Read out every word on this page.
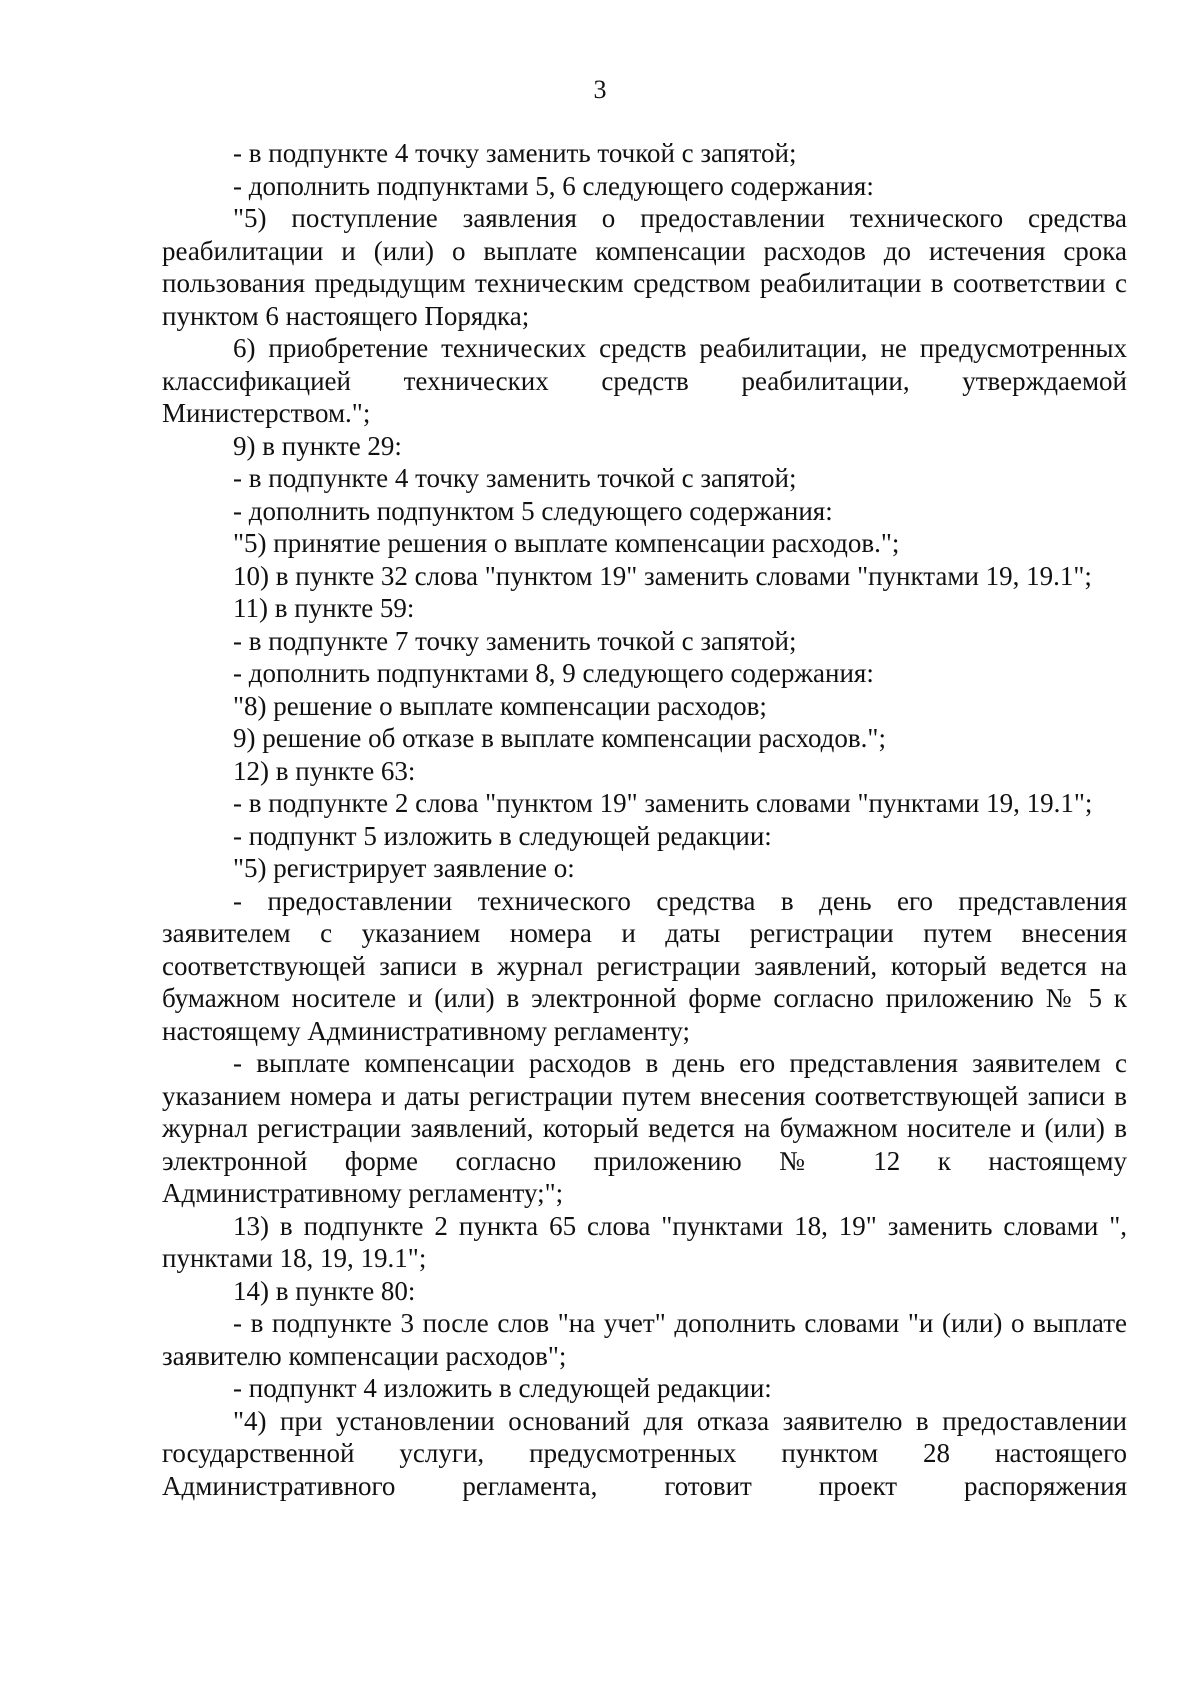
3

- в подпункте 4 точку заменить точкой с запятой;

- дополнить подпунктами 5, 6 следующего содержания:

"5) поступление заявления о предоставлении технического средства реабилитации и (или) о выплате компенсации расходов до истечения срока пользования предыдущим техническим средством реабилитации в соответствии с пунктом 6 настоящего Порядка;

6) приобретение технических средств реабилитации, не предусмотренных классификацией технических средств реабилитации, утверждаемой Министерством.";

9) в пункте 29:

- в подпункте 4 точку заменить точкой с запятой;

- дополнить подпунктом 5 следующего содержания:

"5) принятие решения о выплате компенсации расходов.";

10) в пункте 32 слова "пунктом 19" заменить словами "пунктами 19, 19.1";

11) в пункте 59:

- в подпункте 7 точку заменить точкой с запятой;

- дополнить подпунктами 8, 9 следующего содержания:

"8) решение о выплате компенсации расходов;

9) решение об отказе в выплате компенсации расходов.";

12) в пункте 63:

- в подпункте 2 слова "пунктом 19" заменить словами "пунктами 19, 19.1";

- подпункт 5 изложить в следующей редакции:

"5) регистрирует заявление о:

- предоставлении технического средства в день его представления заявителем с указанием номера и даты регистрации путем внесения соответствующей записи в журнал регистрации заявлений, который ведется на бумажном носителе и (или) в электронной форме согласно приложению № 5 к настоящему Административному регламенту;

- выплате компенсации расходов в день его представления заявителем с указанием номера и даты регистрации путем внесения соответствующей записи в журнал регистрации заявлений, который ведется на бумажном носителе и (или) в электронной форме согласно приложению № 12 к настоящему Административному регламенту;";

13) в подпункте 2 пункта 65 слова "пунктами 18, 19" заменить словами ", пунктами 18, 19, 19.1";

14) в пункте 80:

- в подпункте 3 после слов "на учет" дополнить словами "и (или) о выплате заявителю компенсации расходов";

- подпункт 4 изложить в следующей редакции:

"4) при установлении оснований для отказа заявителю в предоставлении государственной услуги, предусмотренных пунктом 28 настоящего Административного регламента, готовит проект распоряжения
